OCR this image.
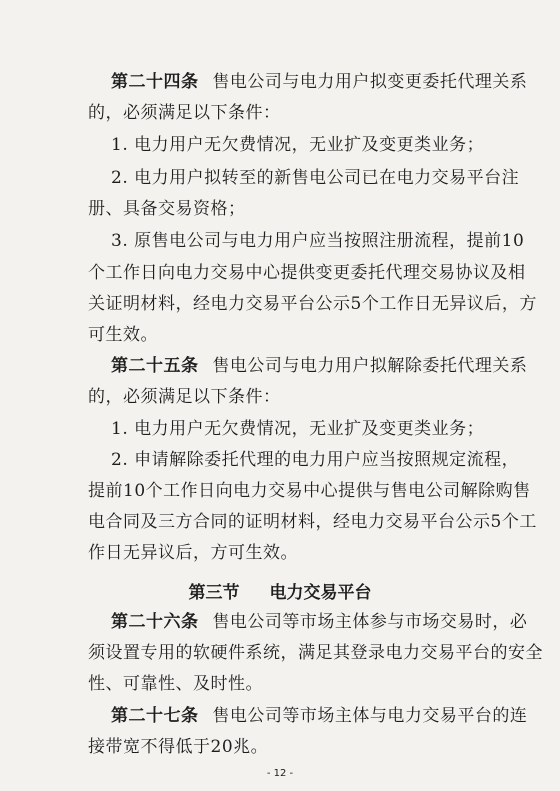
第二十四条 售电公司与电力用户拟变更委托代理关系
的，必须满足以下条件：
1. 电力用户无欠费情况，无业扩及变更类业务；
2. 电力用户拟转至的新售电公司已在电力交易平台注
册、具备交易资格；
3. 原售电公司与电力用户应当按照注册流程，提前10
个工作日向电力交易中心提供变更委托代理交易协议及相
关证明材料，经电力交易平台公示5个工作日无异议后，方
可生效。
第二十五条 售电公司与电力用户拟解除委托代理关系
的，必须满足以下条件：
1. 电力用户无欠费情况，无业扩及变更类业务；
2. 申请解除委托代理的电力用户应当按照规定流程，
提前10个工作日向电力交易中心提供与售电公司解除购售
电合同及三方合同的证明材料，经电力交易平台公示5个工
作日无异议后，方可生效。
第三节 电力交易平台
第二十六条 售电公司等市场主体参与市场交易时，必
须设置专用的软硬件系统，满足其登录电力交易平台的安全
性、可靠性、及时性。
第二十七条 售电公司等市场主体与电力交易平台的连
接带宽不得低于20兆。
- 12 -
